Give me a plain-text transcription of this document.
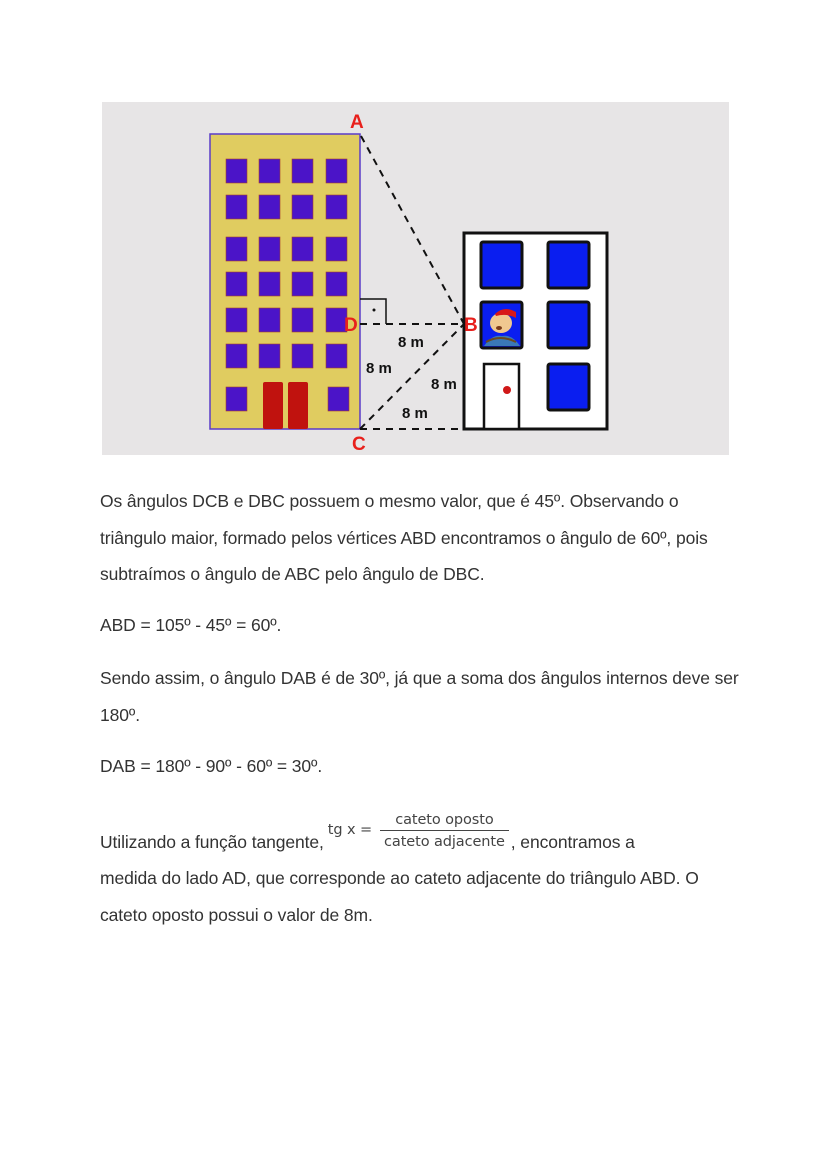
A
D	B
C
8 m
8 m
8 m
8 m

Os ângulos DCB e DBC possuem o mesmo valor, que é 45º. Observando o triângulo maior, formado pelos vértices ABD encontramos o ângulo de 60º, pois subtraímos o ângulo de ABC pelo ângulo de DBC.

ABD = 105º - 45º = 60º.

Sendo assim, o ângulo DAB é de 30º, já que a soma dos ângulos internos deve ser 180º.

DAB = 180º - 90º - 60º = 30º.

Utilizando a função tangente,tg x =
$\frac{\text{cateto oposto}}{\text{cateto adjacente}}$ , encontramos a

medida do lado AD, que corresponde ao cateto adjacente do triângulo ABD. O cateto oposto possui o valor de 8m.
